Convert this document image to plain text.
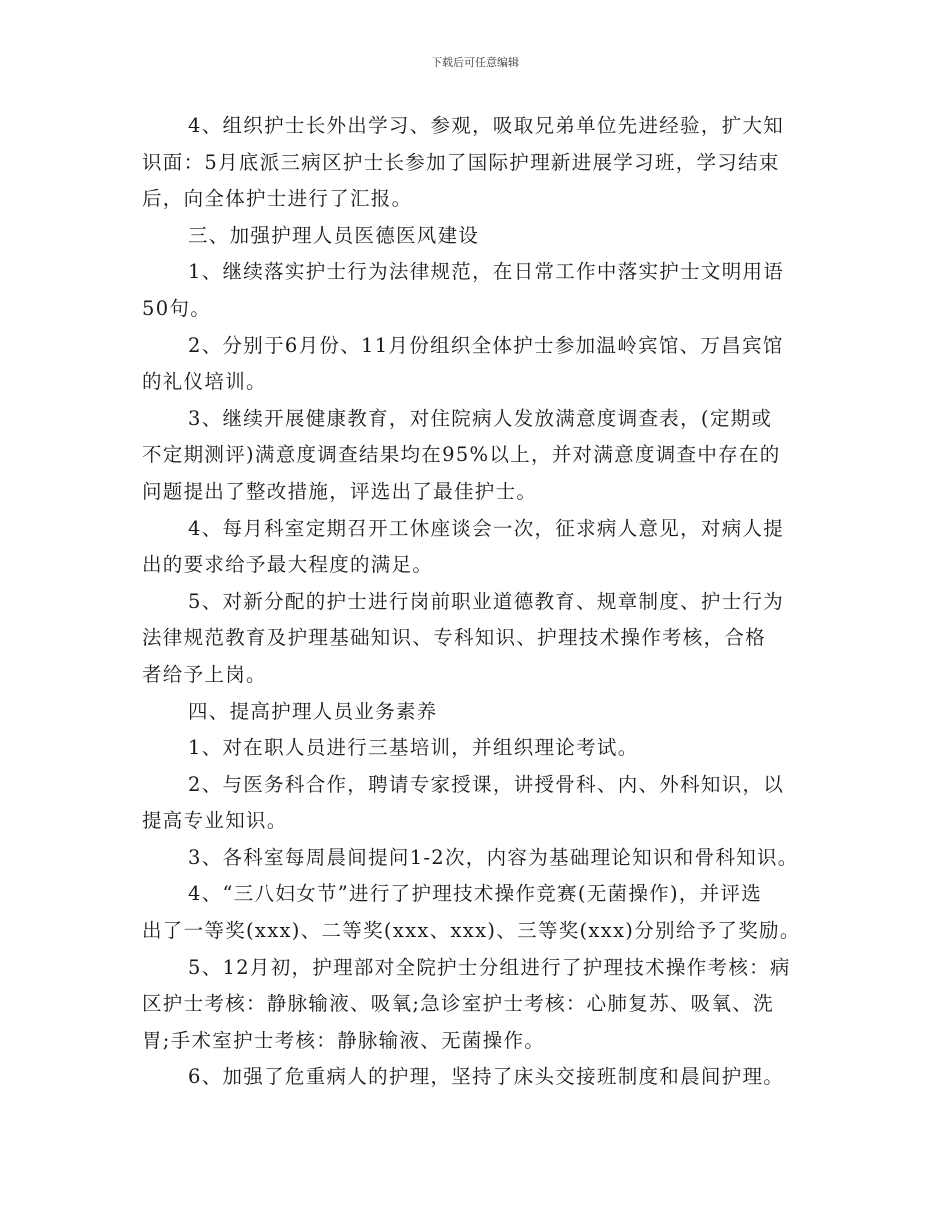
下载后可任意编辑
4、组织护士长外出学习、参观，吸取兄弟单位先进经验，扩大知
识面：5月底派三病区护士长参加了国际护理新进展学习班，学习结束
后，向全体护士进行了汇报。
三、加强护理人员医德医风建设
1、继续落实护士行为法律规范，在日常工作中落实护士文明用语
50句。
2、分别于6月份、11月份组织全体护士参加温岭宾馆、万昌宾馆
的礼仪培训。
3、继续开展健康教育，对住院病人发放满意度调查表，(定期或
不定期测评)满意度调查结果均在95%以上，并对满意度调查中存在的
问题提出了整改措施，评选出了最佳护士。
4、每月科室定期召开工休座谈会一次，征求病人意见，对病人提
出的要求给予最大程度的满足。
5、对新分配的护士进行岗前职业道德教育、规章制度、护士行为
法律规范教育及护理基础知识、专科知识、护理技术操作考核，合格
者给予上岗。
四、提高护理人员业务素养
1、对在职人员进行三基培训，并组织理论考试。
2、与医务科合作，聘请专家授课，讲授骨科、内、外科知识，以
提高专业知识。
3、各科室每周晨间提问1-2次，内容为基础理论知识和骨科知识。
4、“三八妇女节”进行了护理技术操作竞赛(无菌操作)，并评选
出了一等奖(xxx)、二等奖(xxx、xxx)、三等奖(xxx)分别给予了奖励。
5、12月初，护理部对全院护士分组进行了护理技术操作考核：病
区护士考核：静脉输液、吸氧;急诊室护士考核：心肺复苏、吸氧、洗
胃;手术室护士考核：静脉输液、无菌操作。
6、加强了危重病人的护理，坚持了床头交接班制度和晨间护理。
